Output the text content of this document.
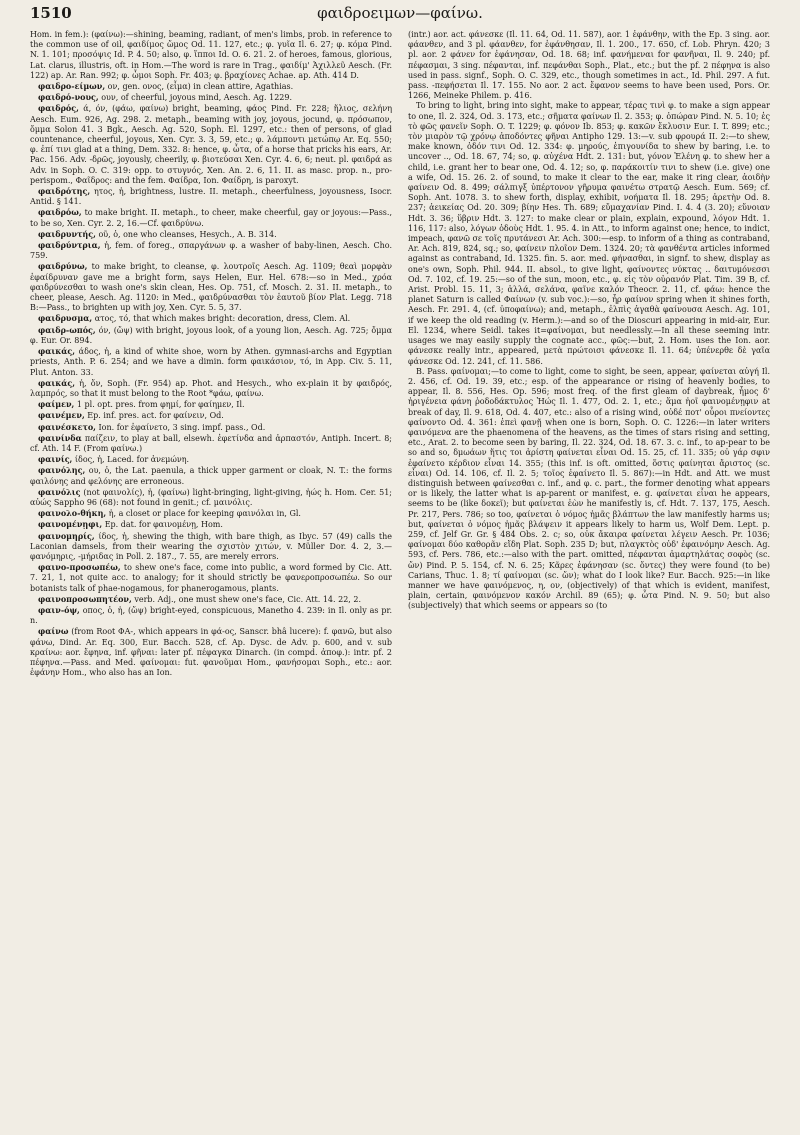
1510	φαιδροειμων—φαίνω.

Hom. in fem.): (φαίνω):—shining, beaming, radiant, of men's limbs, prob. in reference to the common use of oil, φαιδίμος ὤμος Od. 11. 127, etc.; φ. γυῖα Il. 6. 27; φ. κόμα Pind. N. 1. 101; προσόψις Id. P. 4. 50; also, φ. ἵπποι Id. O. 6. 21. 2. of heroes, famous, glorious, Lat. clarus, illustris, oft. in Hom.—The word is rare in Trag., φαιδίμ' Ἀχιλλεῦ Aesch. (Fr. 122) ap. Ar. Ran. 992; φ. ὦμοι Soph. Fr. 403; φ. βραχίονες Achae. ap. Ath. 414 D.

φαιδρο-είμων, ον, gen. ονος, (εἷμα) in clean attire, Agathias.

φαιδρό-νους, ουν, of cheerful, joyous mind, Aesch. Ag. 1229.

φαιδρός, ά, όν, (φάω, φαίνω) bright, beaming, φάος Pind. Fr. 228; ἥλιος, σελήνη Aesch. Eum. 926, Ag. 298. 2. metaph., beaming with joy, joyous, jocund, φ. πρόσωπον, ὄμμα Solon 41. 3 Bgk., Aesch. Ag. 520, Soph. El. 1297, etc.: then of persons, of glad countenance, cheerful, joyous, Xen. Cyr. 3. 3, 59, etc.; φ. λάμποντι μετώπῳ Ar. Eq. 550; φ. ἐπί τινι glad at a thing, Dem. 332. 8: hence, φ. ὦτα, of a horse that pricks his ears, Ar. Pac. 156. Adv. -δρῶς, joyously, cheerily, φ. βιοτεύσαι Xen. Cyr. 4. 6, 6; neut. pl. φαιδρά as Adv. in Soph. O. C. 319: opp. to στυγνός, Xen. An. 2. 6, 11. II. as masc. prop. n., pro-perispom., Φαῖδρος: and the fem. Φαίδρα, Ion. Φαίδρη, is paroxyt.

φαιδρότης, ητος, ἡ, brightness, lustre. II. metaph., cheerfulness, joyousness, Isocr. Antid. § 141.

φαιδρόω, to make bright. II. metaph., to cheer, make cheerful, gay or joyous:—Pass., to be so, Xen. Cyr. 2. 2, 16.—Cf. φαιδρύνω.

φαιδρυντής, οῦ, ὁ, one who cleanses, Hesych., A. B. 314.

φαιδρύντρια, ἡ, fem. of foreg., σπαργάνων φ. a washer of baby-linen, Aesch. Cho. 759.

φαιδρύνω, to make bright, to cleanse, φ. λουτροῖς Aesch. Ag. 1109; θεαὶ μορφὰν ἐφαίδρυναν gave me a bright form, says Helen, Eur. Hel. 678:—so in Med., χρόα φαιδρύνεσθαι to wash one's skin clean, Hes. Op. 751, cf. Mosch. 2. 31. II. metaph., to cheer, please, Aesch. Ag. 1120: in Med., φαιδρύνασθαι τὸν ἑαυτοῦ βίον Plat. Legg. 718 B:—Pass., to brighten up with joy, Xen. Cyr. 5. 5, 37.

φαιδρυσμα, ατος, τό, that which makes bright: decoration, dress, Clem. Al.

φαιδρ-ωπός, όν, (ὤψ) with bright, joyous look, of a young lion, Aesch. Ag. 725; ὄμμα φ. Eur. Or. 894.

φαικάς, άδος, ἡ, a kind of white shoe, worn by Athen. gymnasi-archs and Egyptian priests, Anth. P. 6. 254; and we have a dimin. form φαικάσιον, τό, in App. Civ. 5. 11, Plut. Anton. 33.

φαικάς, ἡ, ὄν, Soph. (Fr. 954) ap. Phot. and Hesych., who ex-plain it by φαιδρός, λαμπρός, so that it must belong to the Root *φάω, φαίνω.

φαίμεν, 1 pl. opt. pres. from φημί, for φαίημεν, Il.

φαινέμεν, Ep. inf. pres. act. for φαίνειν, Od.

φαινέσκετο, Ion. for ἐφαίνετο, 3 sing. impf. pass., Od.

φαινίνδα παίζειν, to play at ball, elsewh. ἐφετίνδα and ἁρπαστόν, Antiph. Incert. 8; cf. Ath. 14 F. (From φαίνω.)

φαινίς, ίδος, ἡ, Laced. for ἀνεμώνη.

φαινόλης, ου, ὁ, the Lat. paenula, a thick upper garment or cloak, N. T.: the forms φαιλόνης and φελόνης are erroneous.

φαινόλις (not φαινολίς), ἡ, (φαίνω) light-bringing, light-giving, ἠώς h. Hom. Cer. 51; αὐώς Sappho 96 (68): not found in genit.; cf. μαινόλις.

φαινολο-θήκη, ἡ, a closet or place for keeping φαινόλαι in, Gl.

φαινομένῃφι, Ep. dat. for φαινομένῃ, Hom.

φαινομηρίς, ίδος, ἡ, shewing the thigh, with bare thigh, as Ibyc. 57 (49) calls the Laconian damsels, from their wearing the σχιστὸν χιτών, v. Müller Dor. 4. 2, 3.—φανόμηρις, -μήριδας in Poll. 2. 187., 7. 55, are merely errors.

φαινο-προσωπέω, to shew one's face, come into public, a word formed by Cic. Att. 7. 21, 1, not quite acc. to analogy; for it should strictly be φανεροπροσωπέω. So our botanists talk of phae-nogamous, for phanerogamous, plants.

φαινοπροσωπητέον, verb. Adj., one must shew one's face, Cic. Att. 14. 22, 2.

φαιν-όψ, οπος, ὁ, ἡ, (ὤψ) bright-eyed, conspicuous, Manetho 4. 239: in Il. only as pr. n.

φαίνω (from Root ΦΑ-, which appears in φά-ος, Sanscr. bhâ lucere): f. φανῶ, but also φάνω, Dind. Ar. Eq. 300, Eur. Bacch. 528, cf. Ap. Dysc. de Adv. p. 600, and v. sub κραίνω: aor. ἔφηνα, inf. φῆναι: later pf. πέφαγκα Dinarch. (in compd. ἀποφ.): intr. pf. 2 πέφηνα.—Pass. and Med. φαίνομαι: fut. φανοῦμαι Hom., φανήσομαι Soph., etc.: aor. ἐφάνην Hom., who also has an Ion.

(intr.) aor. act. φάνεσκε (Il. 11. 64, Od. 11. 587), aor. 1 ἐφάνθην, with the Ep. 3 sing. aor. φάανθεν, and 3 pl. φάανθεν, for ἐφάνθησαν, Il. 1. 200., 17. 650, cf. Lob. Phryn. 420; 3 pl. aor. 2 φάνεν for ἐφάνησαν, Od. 18. 68; inf. φανήμεναι for φανῆναι, Il. 9. 240; pf. πέφασμαι, 3 sing. πέφανται, inf. πεφάνθαι Soph., Plat., etc.; but the pf. 2 πέφηνα is also used in pass. signf., Soph. O. C. 329, etc., though sometimes in act., Id. Phil. 297. A fut. pass. -πεφήσεται Il. 17. 155. No aor. 2 act. ἔφανον seems to have been used, Pors. Or. 1266, Meineke Philem. p. 416.

To bring to light, bring into sight, make to appear, τέρας τινὶ φ. to make a sign appear to one, Il. 2. 324, Od. 3. 173, etc.; σῆματα φαίνων Il. 2. 353; φ. ὀπώραν Pind. N. 5. 10; ἐς τὸ φῶς φανεῖν Soph. O. T. 1229; φ. φόνον Ib. 853; φ. κακῶν ἔκλυσιν Eur. I. T. 899; etc.; τὸν μιαρὸν τῷ χρόνῳ ἀποδόντες φῆναι Antipho 129. 13:—v. sub φρουρά II. 2:—to shew, make known, ὁδόν τινι Od. 12. 334: φ. μηρούς, ἐπιγουνίδα to shew by baring, i.e. to uncover .., Od. 18. 67, 74; so, φ. αὐχένα Hdt. 2. 131: but, γόνον Ἑλένη φ. to shew her a child, i.e. grant her to bear one, Od. 4. 12; so, φ. παράκοιτίν τινι to shew (i.e. give) one a wife, Od. 15. 26. 2. of sound, to make it clear to the ear, make it ring clear, ἀοιδὴν φαίνειν Od. 8. 499; σάλπιγξ ὑπέρτονον γῆρυμα φαινέτω στρατῷ Aesch. Eum. 569; cf. Soph. Ant. 1078. 3. to shew forth, display, exhibit, νοήματα Il. 18. 295; ἀρετὴν Od. 8. 237; ἀεικείας Od. 20. 309; βίην Hes. Th. 689; εὔμαχανίαν Pind. I. 4. 4 (3. 20); εὔνοιαν Hdt. 3. 36; ὕβριν Hdt. 3. 127: to make clear or plain, explain, expound, λόγον Hdt. 1. 116, 117: also, λόγων ὁδοὺς Hdt. 1. 95. 4. in Att., to inform against one; hence, to indict, impeach, φανῶ σε τοῖς πρυτάνεσι Ar. Ach. 300:—esp. to inform of a thing as contraband, Ar. Ach. 819, 824, sq.; so, φαίνειν πλοῖον Dem. 1324. 20; τὰ φανθέντα articles informed against as contraband, Id. 1325. fin. 5. aor. med. φήνασθαι, in signf. to shew, display as one's own, Soph. Phil. 944. II. absol., to give light, φαίνοντες νύκτας .. δαιτυμόνεσσι Od. 7. 102, cf. 19. 25:—so of the sun, moon, etc., φ. εἰς τὸν οὐρανόν Plat. Tim. 39 B, cf. Arist. Probl. 15. 11, 3; ἀλλά, σελάνα, φαῖνε καλόν Theocr. 2. 11, cf. φάω: hence the planet Saturn is called Φαίνων (v. sub voc.):—so, ἦρ φαίνον spring when it shines forth, Aesch. Fr. 291. 4, (cf. ὑποφαίνω); and, metaph., ἐλπὶς ἀγαθὰ φαίνουσα Aesch. Ag. 101, if we keep the old reading (v. Herm.):—and so of the Dioscuri appearing in mid-air, Eur. El. 1234, where Seidl. takes it=φαίνομαι, but needlessly.—In all these seeming intr. usages we may easily supply the cognate acc., φῶς:—but, 2. Hom. uses the Ion. aor. φάνεσκε really intr., appeared, μετὰ πρώτοισι φάνεσκε Il. 11. 64; ὑπένερθε δὲ γαῖα φάνεσκε Od. 12. 241, cf. 11. 586.

B. Pass. φαίνομαι;—to come to light, come to sight, be seen, appear, φαίνεται αὐγή Il. 2. 456, cf. Od. 19. 39, etc.; esp. of the appearance or rising of heavenly bodies, to appear, Il. 8. 556, Hes. Op. 596; most freq. of the first gleam of daybreak, ἦμος δ' ἠριγένεια φάνη ῥοδοδάκτυλος Ἠώς Il. 1. 477, Od. 2. 1, etc.; ἅμα ἠοῖ φαινομένῃφιν at break of day, Il. 9. 618, Od. 4. 407, etc.: also of a rising wind, οὐδέ ποτ' οὖροι πνείοντες φαίνοντο Od. 4. 361: ἐπεὶ φανῇ when one is born, Soph. O. C. 1226:—in later writers φαινόμενα are the phaenomena of the heavens, as the times of stars rising and setting, etc., Arat. 2. to become seen by baring, Il. 22. 324, Od. 18. 67. 3. c. inf., to ap-pear to be so and so, δμωάων ἥτις τοι ἀρίστη φαίνεται εἶναι Od. 15. 25, cf. 11. 335; οὐ γάρ σφιν ἐφαίνετο κέρδιον εἶναι 14. 355; (this inf. is oft. omitted, ὅστις φαίνηται ἄριστος (sc. εἶναι) Od. 14. 106, cf. Il. 2. 5; τοῖος ἐφαίνετο Il. 5. 867):—in Hdt. and Att. we must distinguish between φαίνεσθαι c. inf., and φ. c. part., the former denoting what appears or is likely, the latter what is ap-parent or manifest, e. g. φαίνεται εἶναι he appears, seems to be (like δοκεῖ); but φαίνεται ἐὼν he manifestly is, cf. Hdt. 7. 137, 175, Aesch. Pr. 217, Pers. 786; so too, φαίνεται ὁ νόμος ἡμᾶς βλάπτων the law manifestly harms us; but, φαίνεται ὁ νόμος ἡμᾶς βλάψειν it appears likely to harm us, Wolf Dem. Lept. p. 259, cf. Jelf Gr. Gr. § 484 Obs. 2. c; so, οὐκ ἄκαιρα φαίνεται λέγειν Aesch. Pr. 1036; φαίνομαι δύο καθορᾶν εἴδη Plat. Soph. 235 D; but, πλαγκτὸς οὐδ' ἐφαινόμην Aesch. Ag. 593, cf. Pers. 786, etc.:—also with the part. omitted, πέφανται ἁμαρτηλάτας σοφὸς (sc. ὤν) Pind. P. 5. 154, cf. N. 6. 25; Κᾶρες ἐφάνησαν (sc. ὄντες) they were found (to be) Carians, Thuc. 1. 8; τί φαίνομαι (sc. ὤν); what do I look like? Eur. Bacch. 925:—in like manner we have φαινόμενος, η, ον, (objectively) of that which is evident, manifest, plain, certain, φαινόμενον κακόν Archil. 89 (65); φ. ὦτα Pind. N. 9. 50; but also (subjectively) that which seems or appears so (to
